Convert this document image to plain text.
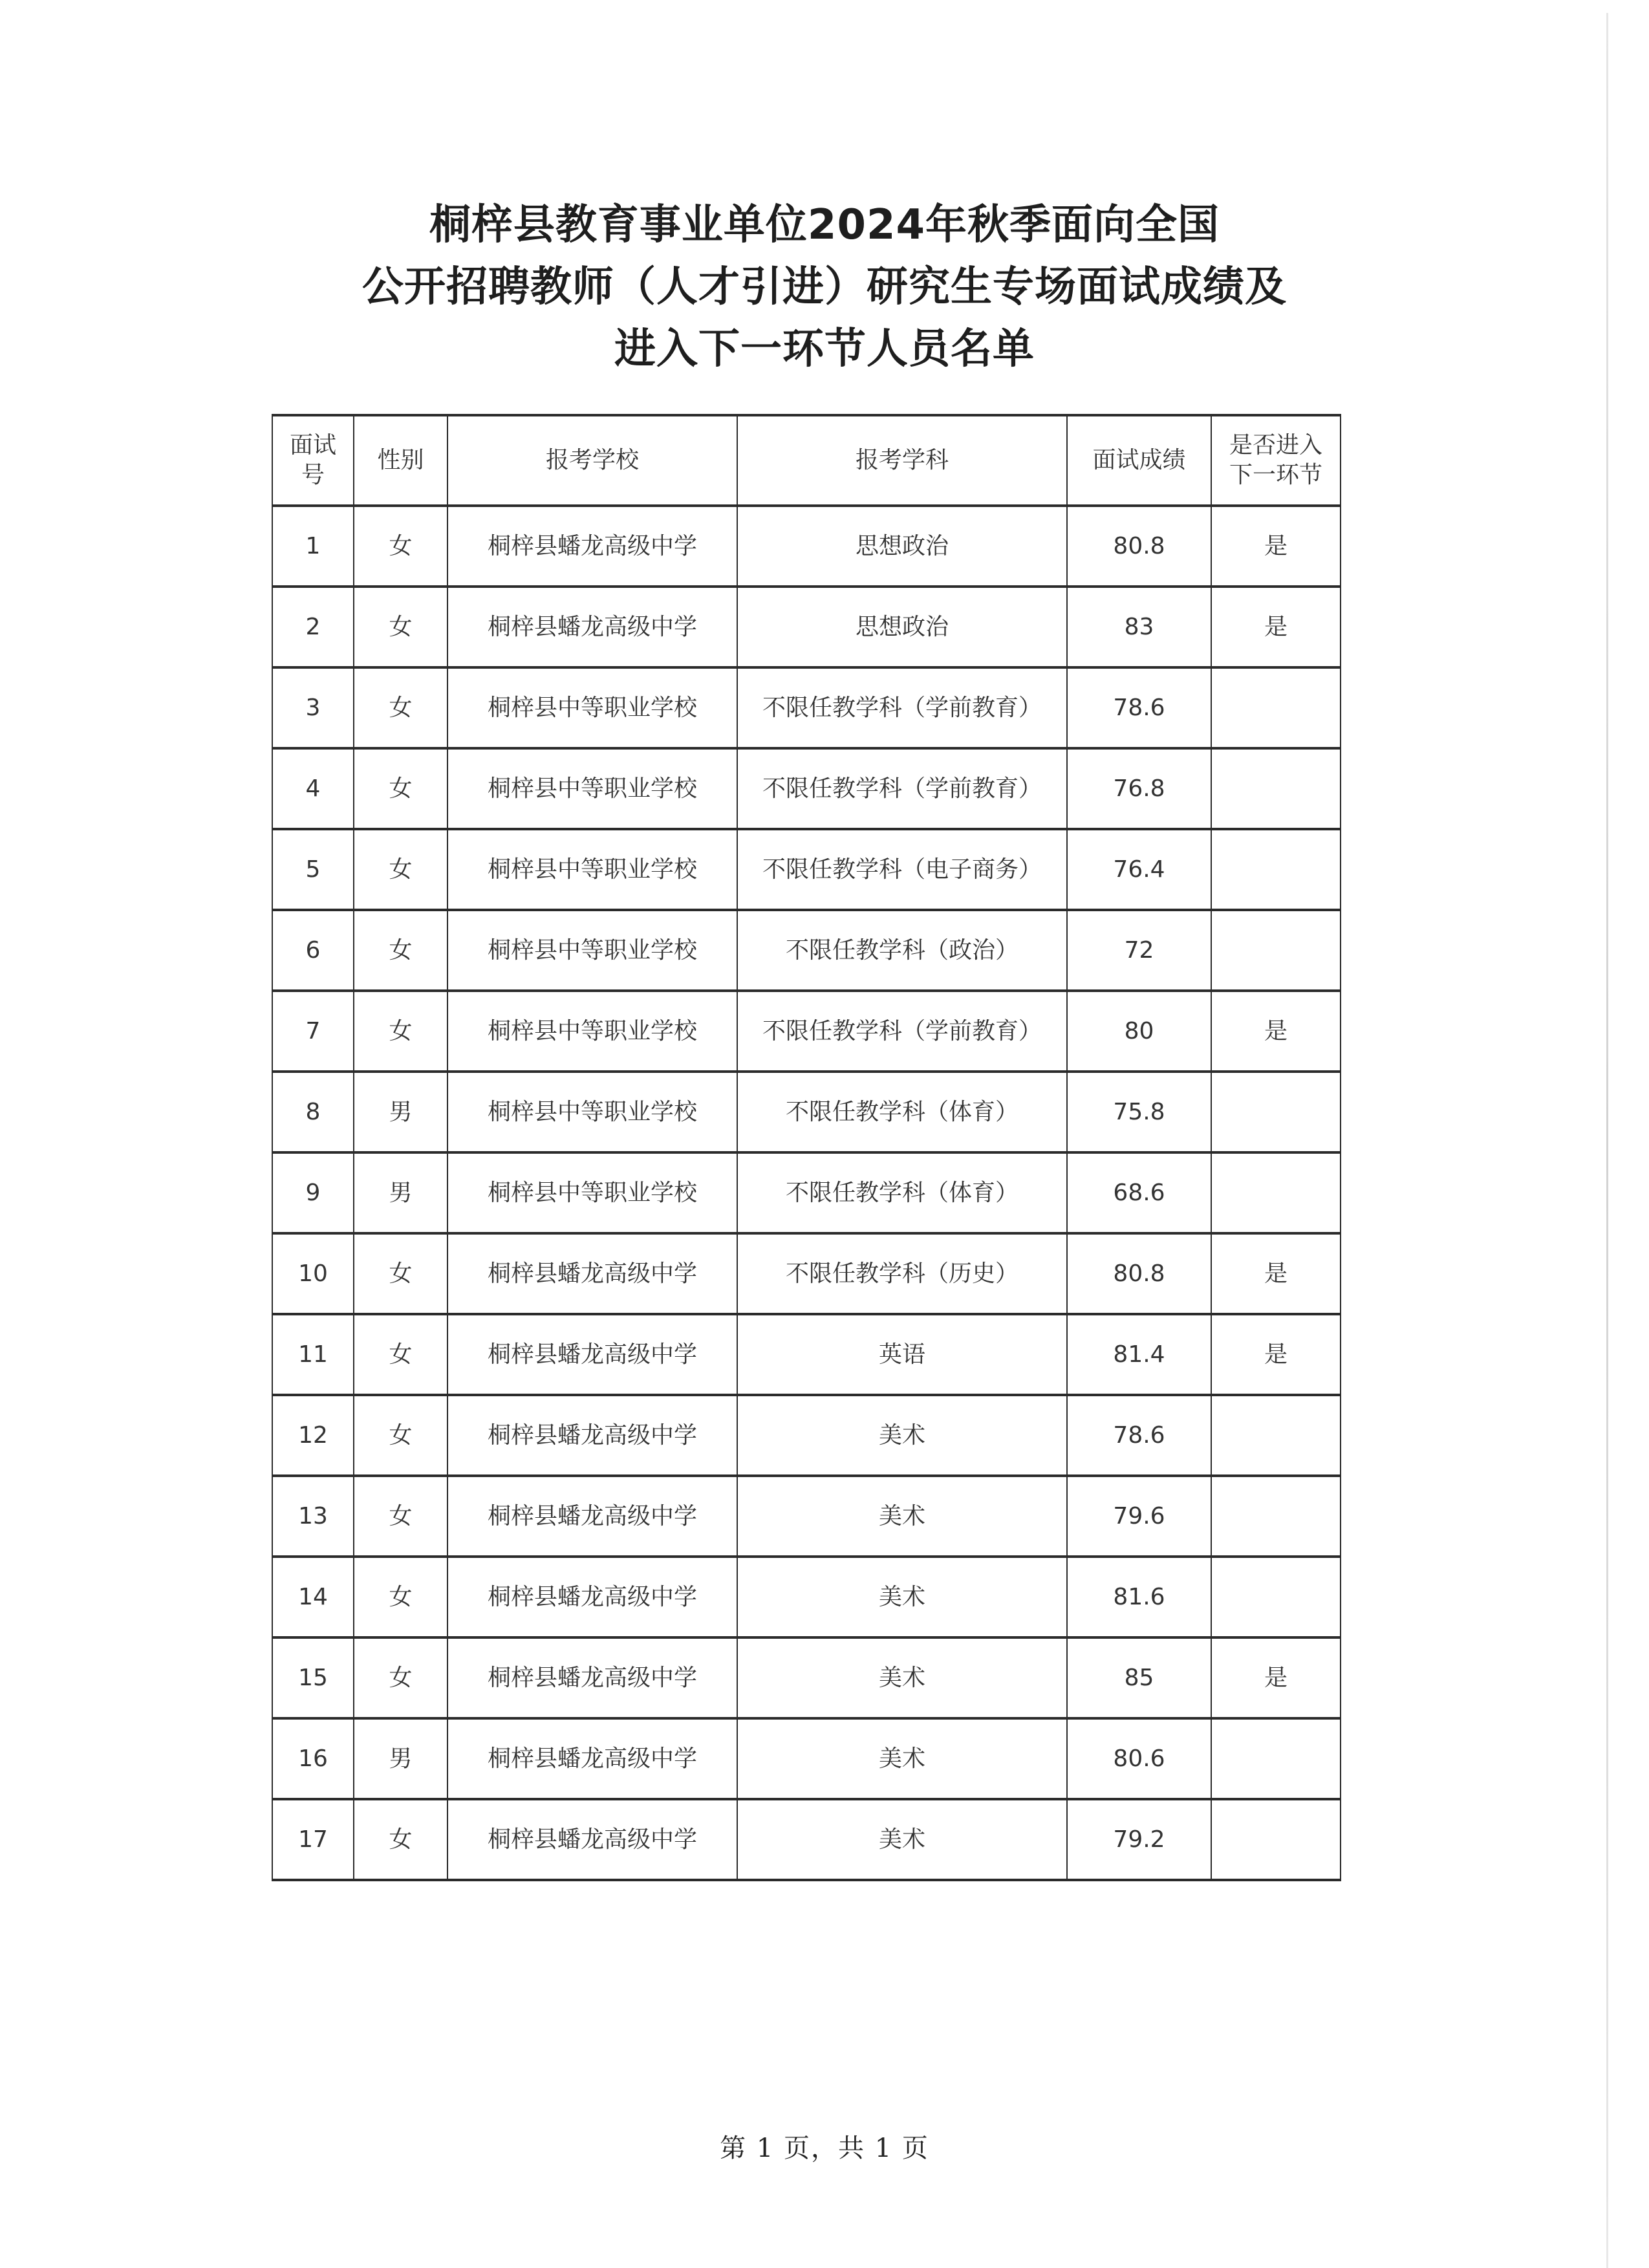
桐梓县教育事业单位2024年秋季面向全国
公开招聘教师（人才引进）研究生专场面试成绩及
进入下一环节人员名单
面试号	性别	报考学校	报考学科	面试成绩	是否进入下一环节
1	女	桐梓县蟠龙高级中学	思想政治	80.8	是
2	女	桐梓县蟠龙高级中学	思想政治	83	是
3	女	桐梓县中等职业学校	不限任教学科（学前教育）	78.6	
4	女	桐梓县中等职业学校	不限任教学科（学前教育）	76.8	
5	女	桐梓县中等职业学校	不限任教学科（电子商务）	76.4	
6	女	桐梓县中等职业学校	不限任教学科（政治）	72	
7	女	桐梓县中等职业学校	不限任教学科（学前教育）	80	是
8	男	桐梓县中等职业学校	不限任教学科（体育）	75.8	
9	男	桐梓县中等职业学校	不限任教学科（体育）	68.6	
10	女	桐梓县蟠龙高级中学	不限任教学科（历史）	80.8	是
11	女	桐梓县蟠龙高级中学	英语	81.4	是
12	女	桐梓县蟠龙高级中学	美术	78.6	
13	女	桐梓县蟠龙高级中学	美术	79.6	
14	女	桐梓县蟠龙高级中学	美术	81.6	
15	女	桐梓县蟠龙高级中学	美术	85	是
16	男	桐梓县蟠龙高级中学	美术	80.6	
17	女	桐梓县蟠龙高级中学	美术	79.2	
第 1 页，共 1 页
